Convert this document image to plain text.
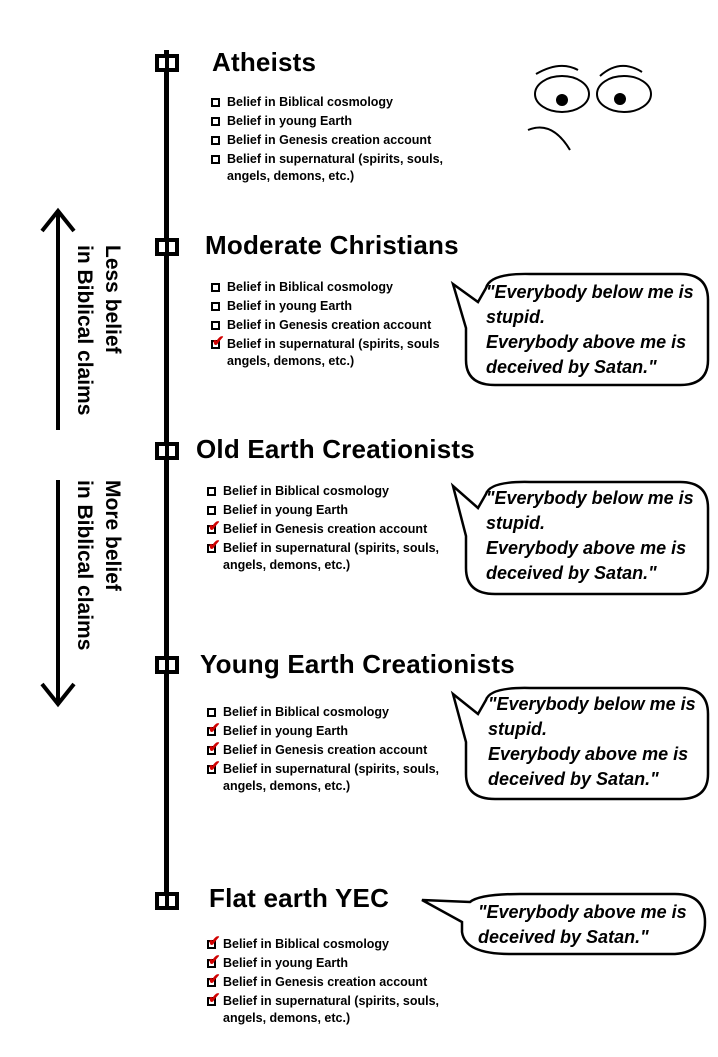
Atheists
Moderate Christians
Old Earth Creationists
Young Earth Creationists
Flat earth YEC
Belief in Biblical cosmology
Belief in young Earth
Belief in Genesis creation account
Belief in supernatural (spirits, souls,
angels, demons, etc.)
Belief in Biblical cosmology
Belief in young Earth
Belief in Genesis creation account
✔ Belief in supernatural (spirits, souls
angels, demons, etc.)
Belief in Biblical cosmology
Belief in young Earth
✔ Belief in Genesis creation account
✔ Belief in supernatural (spirits, souls,
angels, demons, etc.)
Belief in Biblical cosmology
✔ Belief in young Earth
✔ Belief in Genesis creation account
✔ Belief in supernatural (spirits, souls,
angels, demons, etc.)
✔ Belief in Biblical cosmology
✔ Belief in young Earth
✔ Belief in Genesis creation account
✔ Belief in supernatural (spirits, souls,
angels, demons, etc.)
"Everybody below me is
stupid.
Everybody above me is
deceived by Satan."
"Everybody below me is
stupid.
Everybody above me is
deceived by Satan."
"Everybody below me is
stupid.
Everybody above me is
deceived by Satan."
"Everybody above me is
deceived by Satan."
Less belief
in Biblical claims
More belief
in Biblical claims
